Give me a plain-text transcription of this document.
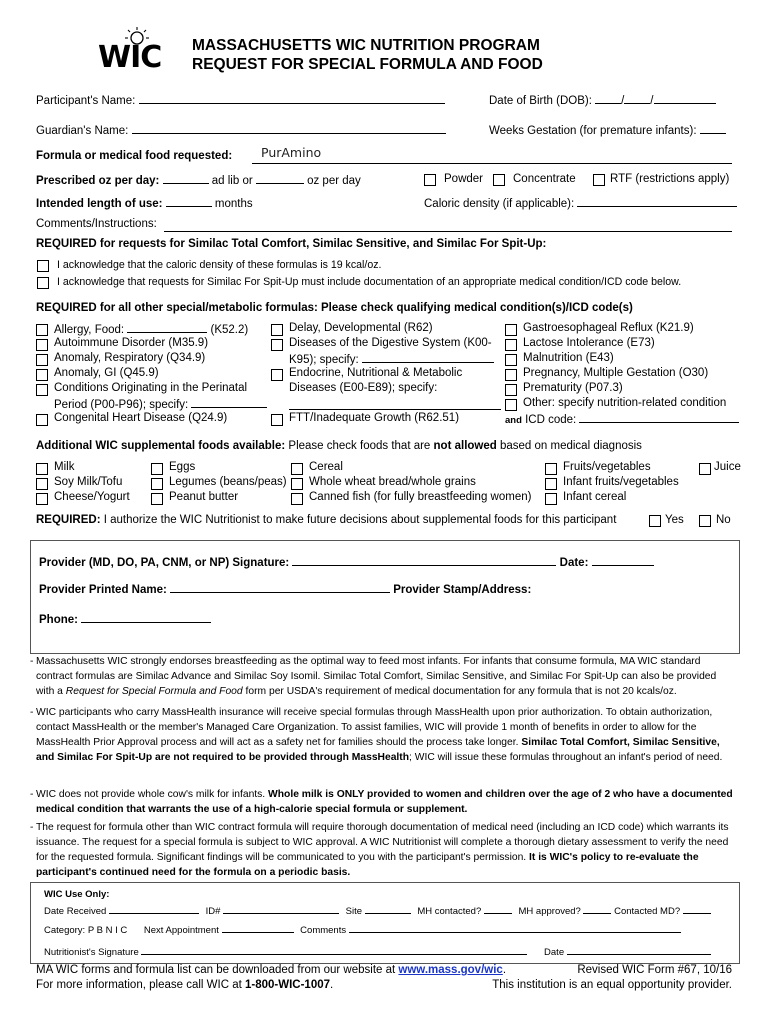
WIC MASSACHUSETTS WIC NUTRITION PROGRAM
REQUEST FOR SPECIAL FORMULA AND FOOD
Participant's Name:	Date of Birth (DOB):	/ /
Guardian's Name:	Weeks Gestation (for premature infants):
Formula or medical food requested: PurAmino
Prescribed oz per day:	ad lib or	oz per day	Powder	Concentrate	RTF (restrictions apply)
Intended length of use:	months	Caloric density (if applicable):
Comments/Instructions:
REQUIRED for requests for Similac Total Comfort, Similac Sensitive, and Similac For Spit-Up:
I acknowledge that the caloric density of these formulas is 19 kcal/oz.
I acknowledge that requests for Similac For Spit-Up must include documentation of an appropriate medical condition/ICD code below.
REQUIRED for all other special/metabolic formulas: Please check qualifying medical condition(s)/ICD code(s)
Allergy, Food:	(K52.2)
Autoimmune Disorder (M35.9)
Anomaly, Respiratory (Q34.9)
Anomaly, GI (Q45.9)
Conditions Originating in the Perinatal
Period (P00-P96); specify:
Congenital Heart Disease (Q24.9)
Delay, Developmental (R62)
Diseases of the Digestive System (K00-
K95); specify:
Endocrine, Nutritional & Metabolic
Diseases (E00-E89); specify:
FTT/Inadequate Growth (R62.51)
Gastroesophageal Reflux (K21.9)
Lactose Intolerance (E73)
Malnutrition (E43)
Pregnancy, Multiple Gestation (O30)
Prematurity (P07.3)
Other: specify nutrition-related condition
and ICD code:
Additional WIC supplemental foods available: Please check foods that are not allowed based on medical diagnosis
Milk
Soy Milk/Tofu
Cheese/Yogurt
Eggs
Legumes (beans/peas)
Peanut butter
Cereal
Whole wheat bread/whole grains
Canned fish (for fully breastfeeding women)
Fruits/vegetables
Infant fruits/vegetables
Infant cereal
Juice
REQUIRED: I authorize the WIC Nutritionist to make future decisions about supplemental foods for this participant	Yes	No
Provider (MD, DO, PA, CNM, or NP) Signature:	Date:
Provider Printed Name:	Provider Stamp/Address:
Phone:
- Massachusetts WIC strongly endorses breastfeeding as the optimal way to feed most infants. For infants that consume formula, MA WIC standard contract formulas are Similac Advance and Similac Soy Isomil. Similac Total Comfort, Similac Sensitive, and Similac For Spit-Up can also be provided with a Request for Special Formula and Food form per USDA's requirement of medical documentation for any formula that is not 20 kcals/oz.
- WIC participants who carry MassHealth insurance will receive special formulas through MassHealth upon prior authorization. To obtain authorization, contact MassHealth or the member's Managed Care Organization. To assist families, WIC will provide 1 month of benefits in order to allow for the MassHealth Prior Approval process and will act as a safety net for families should the process take longer. Similac Total Comfort, Similac Sensitive, and Similac For Spit-Up are not required to be provided through MassHealth; WIC will issue these formulas throughout an infant's period of need.
- WIC does not provide whole cow's milk for infants. Whole milk is ONLY provided to women and children over the age of 2 who have a documented medical condition that warrants the use of a high-calorie special formula or supplement.
- The request for formula other than WIC contract formula will require thorough documentation of medical need (including an ICD code) which warrants its issuance. The request for a special formula is subject to WIC approval. A WIC Nutritionist will complete a thorough dietary assessment to verify the need for the requested formula. Significant findings will be communicated to you with the participant's permission. It is WIC's policy to re-evaluate the participant's continued need for the formula on a periodic basis.
WIC Use Only:
Date Received	ID#	Site	MH contacted?	MH approved?	Contacted MD?
Category: P B N I C Next Appointment	Comments
Nutritionist's Signature	Date
MA WIC forms and formula list can be downloaded from our website at www.mass.gov/wic.
For more information, please call WIC at 1-800-WIC-1007.
Revised WIC Form #67, 10/16
This institution is an equal opportunity provider.
